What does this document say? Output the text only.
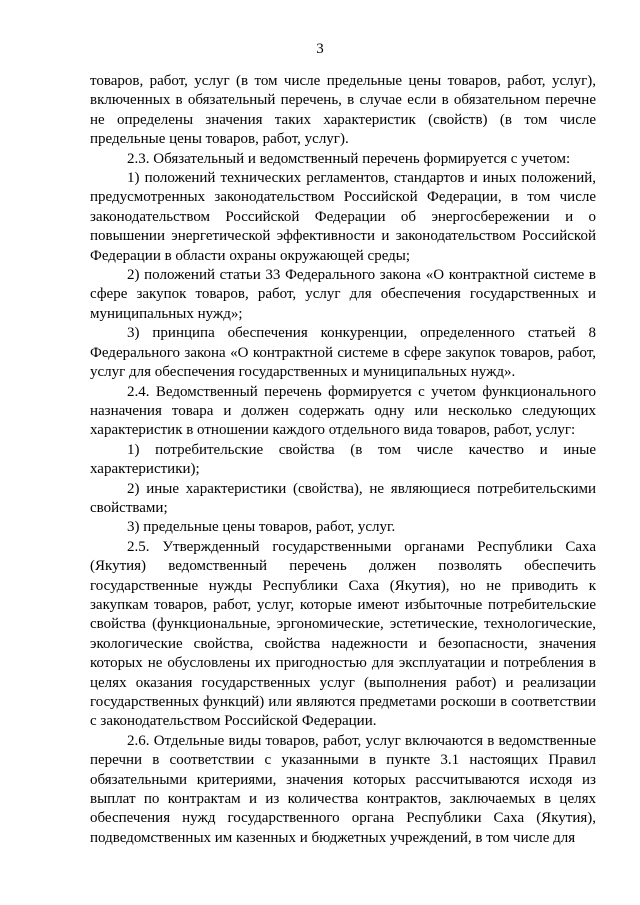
3

товаров, работ, услуг (в том числе предельные цены товаров, работ, услуг), включенных в обязательный перечень, в случае если в обязательном перечне не определены значения таких характеристик (свойств) (в том числе предельные цены товаров, работ, услуг).

2.3. Обязательный и ведомственный перечень формируется с учетом:

1) положений технических регламентов, стандартов и иных положений, предусмотренных законодательством Российской Федерации, в том числе законодательством Российской Федерации об энергосбережении и о повышении энергетической эффективности и законодательством Российской Федерации в области охраны окружающей среды;

2) положений статьи 33 Федерального закона «О контрактной системе в сфере закупок товаров, работ, услуг для обеспечения государственных и муниципальных нужд»;

3) принципа обеспечения конкуренции, определенного статьей 8 Федерального закона «О контрактной системе в сфере закупок товаров, работ, услуг для обеспечения государственных и муниципальных нужд».

2.4. Ведомственный перечень формируется с учетом функционального назначения товара и должен содержать одну или несколько следующих характеристик в отношении каждого отдельного вида товаров, работ, услуг:

1) потребительские свойства (в том числе качество и иные характеристики);

2) иные характеристики (свойства), не являющиеся потребительскими свойствами;

3) предельные цены товаров, работ, услуг.

2.5. Утвержденный государственными органами Республики Саха (Якутия) ведомственный перечень должен позволять обеспечить государственные нужды Республики Саха (Якутия), но не приводить к закупкам товаров, работ, услуг, которые имеют избыточные потребительские свойства (функциональные, эргономические, эстетические, технологические, экологические свойства, свойства надежности и безопасности, значения которых не обусловлены их пригодностью для эксплуатации и потребления в целях оказания государственных услуг (выполнения работ) и реализации государственных функций) или являются предметами роскоши в соответствии с законодательством Российской Федерации.

2.6. Отдельные виды товаров, работ, услуг включаются в ведомственные перечни в соответствии с указанными в пункте 3.1 настоящих Правил обязательными критериями, значения которых рассчитываются исходя из выплат по контрактам и из количества контрактов, заключаемых в целях обеспечения нужд государственного органа Республики Саха (Якутия), подведомственных им казенных и бюджетных учреждений, в том числе для
